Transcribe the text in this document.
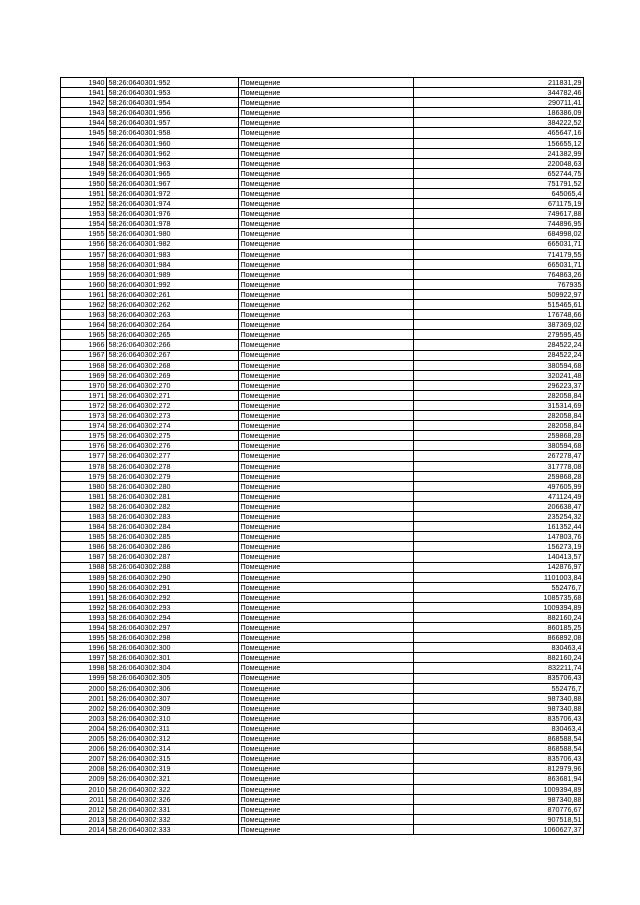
1940	58:26:0640301:952	Помещение	211831,29
1941	58:26:0640301:953	Помещение	344782,46
1942	58:26:0640301:954	Помещение	290711,41
1943	58:26:0640301:956	Помещение	186386,09
1944	58:26:0640301:957	Помещение	384222,52
1945	58:26:0640301:958	Помещение	465647,16
1946	58:26:0640301:960	Помещение	156655,12
1947	58:26:0640301:962	Помещение	241382,99
1948	58:26:0640301:963	Помещение	220048,63
1949	58:26:0640301:965	Помещение	652744,75
1950	58:26:0640301:967	Помещение	751791,52
1951	58:26:0640301:972	Помещение	645065,4
1952	58:26:0640301:974	Помещение	671175,19
1953	58:26:0640301:976	Помещение	749617,88
1954	58:26:0640301:978	Помещение	744896,95
1955	58:26:0640301:980	Помещение	684998,02
1956	58:26:0640301:982	Помещение	665031,71
1957	58:26:0640301:983	Помещение	714179,55
1958	58:26:0640301:984	Помещение	665031,71
1959	58:26:0640301:989	Помещение	764863,26
1960	58:26:0640301:992	Помещение	767935
1961	58:26:0640302:261	Помещение	509922,97
1962	58:26:0640302:262	Помещение	515465,61
1963	58:26:0640302:263	Помещение	176748,66
1964	58:26:0640302:264	Помещение	387369,02
1965	58:26:0640302:265	Помещение	279595,45
1966	58:26:0640302:266	Помещение	284522,24
1967	58:26:0640302:267	Помещение	284522,24
1968	58:26:0640302:268	Помещение	380594,68
1969	58:26:0640302:269	Помещение	320241,48
1970	58:26:0640302:270	Помещение	296223,37
1971	58:26:0640302:271	Помещение	282058,84
1972	58:26:0640302:272	Помещение	315314,69
1973	58:26:0640302:273	Помещение	282058,84
1974	58:26:0640302:274	Помещение	282058,84
1975	58:26:0640302:275	Помещение	259868,28
1976	58:26:0640302:276	Помещение	380594,68
1977	58:26:0640302:277	Помещение	267278,47
1978	58:26:0640302:278	Помещение	317778,08
1979	58:26:0640302:279	Помещение	259868,28
1980	58:26:0640302:280	Помещение	497605,99
1981	58:26:0640302:281	Помещение	471124,49
1982	58:26:0640302:282	Помещение	206638,47
1983	58:26:0640302:283	Помещение	235254,32
1984	58:26:0640302:284	Помещение	161352,44
1985	58:26:0640302:285	Помещение	147803,76
1986	58:26:0640302:286	Помещение	156273,19
1987	58:26:0640302:287	Помещение	140413,57
1988	58:26:0640302:288	Помещение	142876,97
1989	58:26:0640302:290	Помещение	1101003,84
1990	58:26:0640302:291	Помещение	552476,7
1991	58:26:0640302:292	Помещение	1085735,68
1992	58:26:0640302:293	Помещение	1009394,89
1993	58:26:0640302:294	Помещение	882160,24
1994	58:26:0640302:297	Помещение	860185,25
1995	58:26:0640302:298	Помещение	866892,08
1996	58:26:0640302:300	Помещение	830463,4
1997	58:26:0640302:301	Помещение	882160,24
1998	58:26:0640302:304	Помещение	832211,74
1999	58:26:0640302:305	Помещение	835706,43
2000	58:26:0640302:306	Помещение	552476,7
2001	58:26:0640302:307	Помещение	987340,88
2002	58:26:0640302:309	Помещение	987340,88
2003	58:26:0640302:310	Помещение	835706,43
2004	58:26:0640302:311	Помещение	830463,4
2005	58:26:0640302:312	Помещение	868588,54
2006	58:26:0640302:314	Помещение	868588,54
2007	58:26:0640302:315	Помещение	835706,43
2008	58:26:0640302:319	Помещение	812979,96
2009	58:26:0640302:321	Помещение	863681,94
2010	58:26:0640302:322	Помещение	1009394,89
2011	58:26:0640302:326	Помещение	987340,88
2012	58:26:0640302:331	Помещение	870776,67
2013	58:26:0640302:332	Помещение	907518,51
2014	58:26:0640302:333	Помещение	1060627,37
